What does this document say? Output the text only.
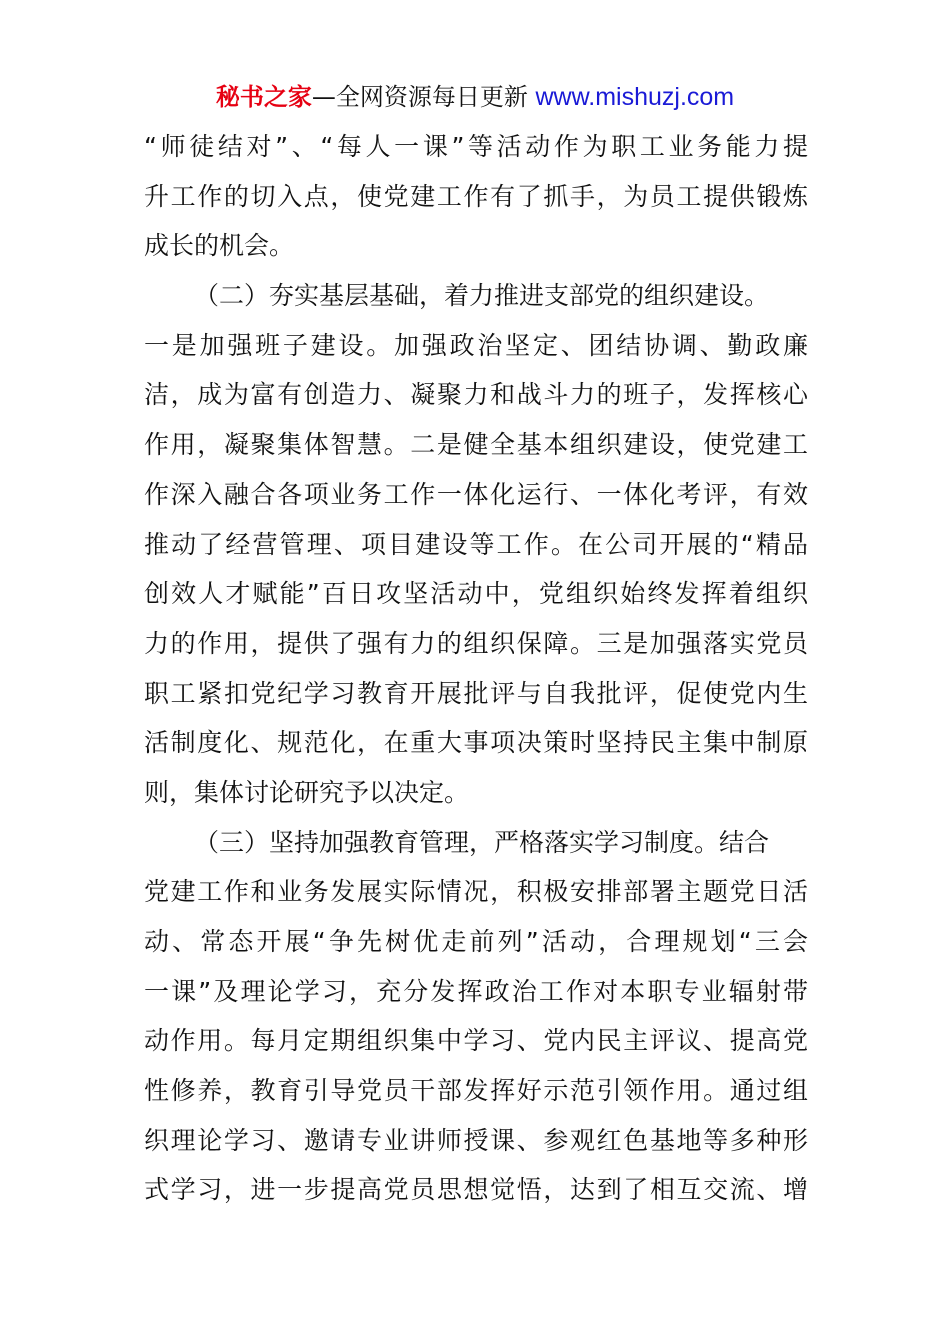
秘书之家—全网资源每日更新 www.mishuzj.com
“师徒结对”、“每人一课”等活动作为职工业务能力提
升工作的切入点，使党建工作有了抓手，为员工提供锻炼
成长的机会。
（二）夯实基层基础，着力推进支部党的组织建设。
一是加强班子建设。加强政治坚定、团结协调、勤政廉
洁，成为富有创造力、凝聚力和战斗力的班子，发挥核心
作用，凝聚集体智慧。二是健全基本组织建设，使党建工
作深入融合各项业务工作一体化运行、一体化考评，有效
推动了经营管理、项目建设等工作。在公司开展的“精品
创效人才赋能”百日攻坚活动中，党组织始终发挥着组织
力的作用，提供了强有力的组织保障。三是加强落实党员
职工紧扣党纪学习教育开展批评与自我批评，促使党内生
活制度化、规范化，在重大事项决策时坚持民主集中制原
则，集体讨论研究予以决定。
（三）坚持加强教育管理，严格落实学习制度。结合
党建工作和业务发展实际情况，积极安排部署主题党日活
动、常态开展“争先树优走前列”活动，合理规划“三会
一课”及理论学习，充分发挥政治工作对本职专业辐射带
动作用。每月定期组织集中学习、党内民主评议、提高党
性修养，教育引导党员干部发挥好示范引领作用。通过组
织理论学习、邀请专业讲师授课、参观红色基地等多种形
式学习，进一步提高党员思想觉悟，达到了相互交流、增
